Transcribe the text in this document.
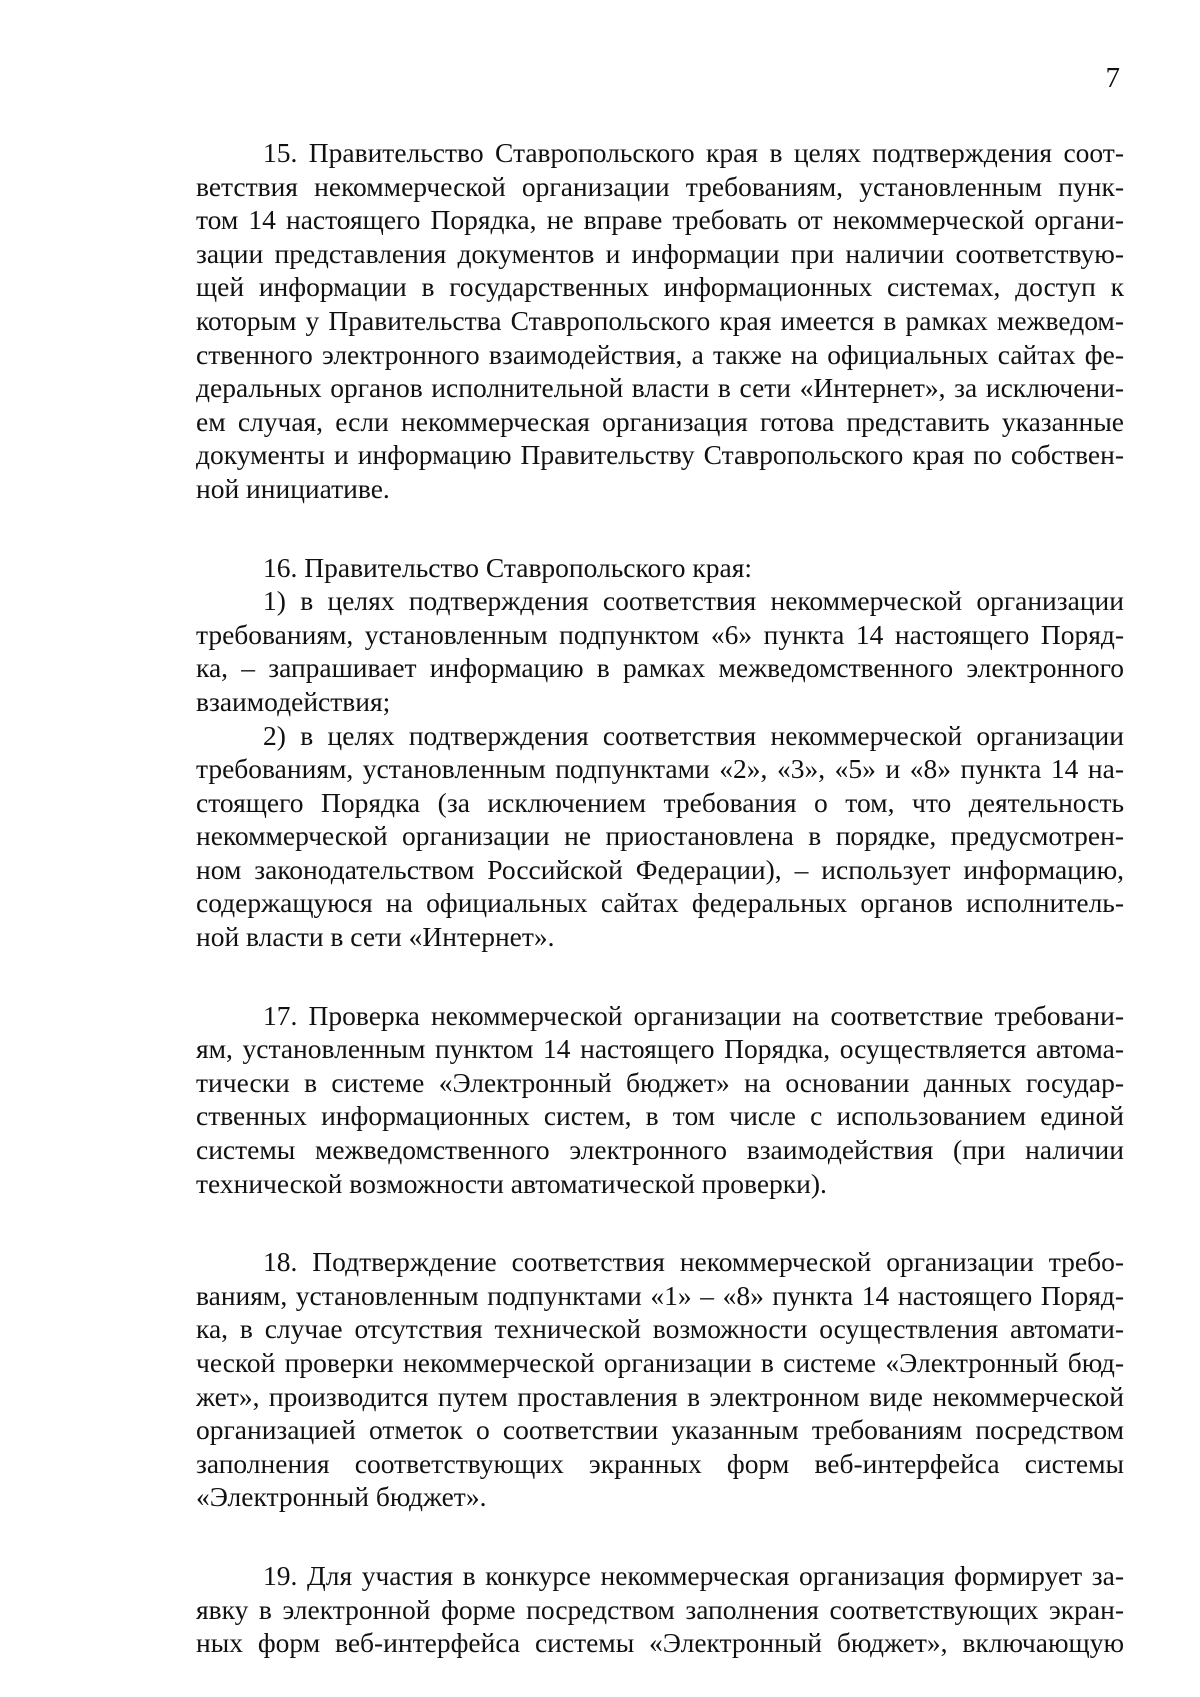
7
15. Правительство Ставропольского края в целях подтверждения соот-
ветствия некоммерческой организации требованиям, установленным пунк-
том 14 настоящего Порядка, не вправе требовать от некоммерческой органи-
зации представления документов и информации при наличии соответствую-
щей информации в государственных информационных системах, доступ к
которым у Правительства Ставропольского края имеется в рамках межведом-
ственного электронного взаимодействия, а также на официальных сайтах фе-
деральных органов исполнительной власти в сети «Интернет», за исключени-
ем случая, если некоммерческая организация готова представить указанные
документы и информацию Правительству Ставропольского края по собствен-
ной инициативе.
16. Правительство Ставропольского края:
1) в целях подтверждения соответствия некоммерческой организации
требованиям, установленным подпунктом «6» пункта 14 настоящего Поряд-
ка, – запрашивает информацию в рамках межведомственного электронного
взаимодействия;
2) в целях подтверждения соответствия некоммерческой организации
требованиям, установленным подпунктами «2», «3», «5» и «8» пункта 14 на-
стоящего Порядка (за исключением требования о том, что деятельность
некоммерческой организации не приостановлена в порядке, предусмотрен-
ном законодательством Российской Федерации), – использует информацию,
содержащуюся на официальных сайтах федеральных органов исполнитель-
ной власти в сети «Интернет».
17. Проверка некоммерческой организации на соответствие требовани-
ям, установленным пунктом 14 настоящего Порядка, осуществляется автома-
тически в системе «Электронный бюджет» на основании данных государ-
ственных информационных систем, в том числе с использованием единой
системы межведомственного электронного взаимодействия (при наличии
технической возможности автоматической проверки).
18. Подтверждение соответствия некоммерческой организации требо-
ваниям, установленным подпунктами «1» – «8» пункта 14 настоящего Поряд-
ка, в случае отсутствия технической возможности осуществления автомати-
ческой проверки некоммерческой организации в системе «Электронный бюд-
жет», производится путем проставления в электронном виде некоммерческой
организацией отметок о соответствии указанным требованиям посредством
заполнения соответствующих экранных форм веб-интерфейса системы
«Электронный бюджет».
19. Для участия в конкурсе некоммерческая организация формирует за-
явку в электронной форме посредством заполнения соответствующих экран-
ных форм веб-интерфейса системы «Электронный бюджет», включающую
